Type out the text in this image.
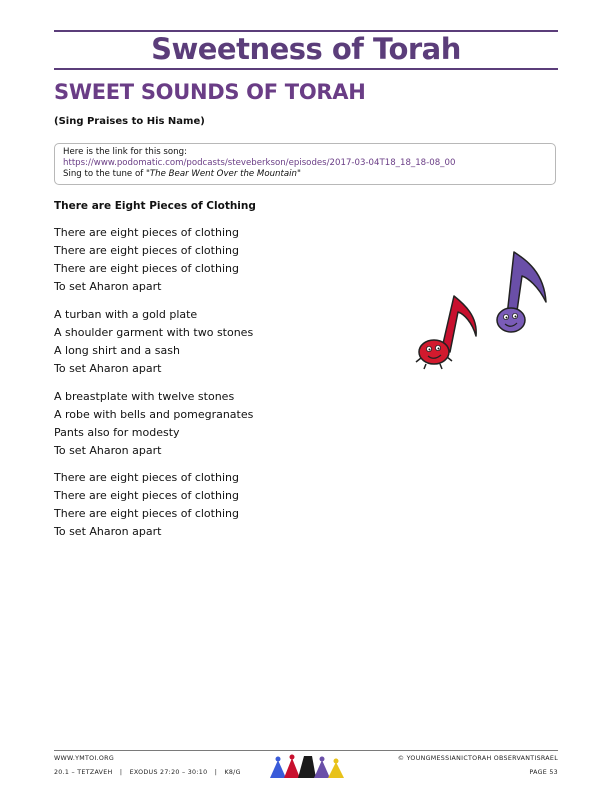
Sweetness of Torah
SWEET SOUNDS OF TORAH
(Sing Praises to His Name)
Here is the link for this song:
https://www.podomatic.com/podcasts/steveberkson/episodes/2017-03-04T18_18_18-08_00
Sing to the tune of "The Bear Went Over the Mountain"
There are Eight Pieces of Clothing
There are eight pieces of clothing
There are eight pieces of clothing
There are eight pieces of clothing
To set Aharon apart
A turban with a gold plate
A shoulder garment with two stones
A long shirt and a sash
To set Aharon apart
A breastplate with twelve stones
A robe with bells and pomegranates
Pants also for modesty
To set Aharon apart
There are eight pieces of clothing
There are eight pieces of clothing
There are eight pieces of clothing
To set Aharon apart
WWW.YMTOI.ORG	© YOUNGMESSIANICTORAH OBSERVANTISRAEL
20.1 – TETZAVEH | EXODUS 27:20 – 30:10 | K8/G	PAGE 53
